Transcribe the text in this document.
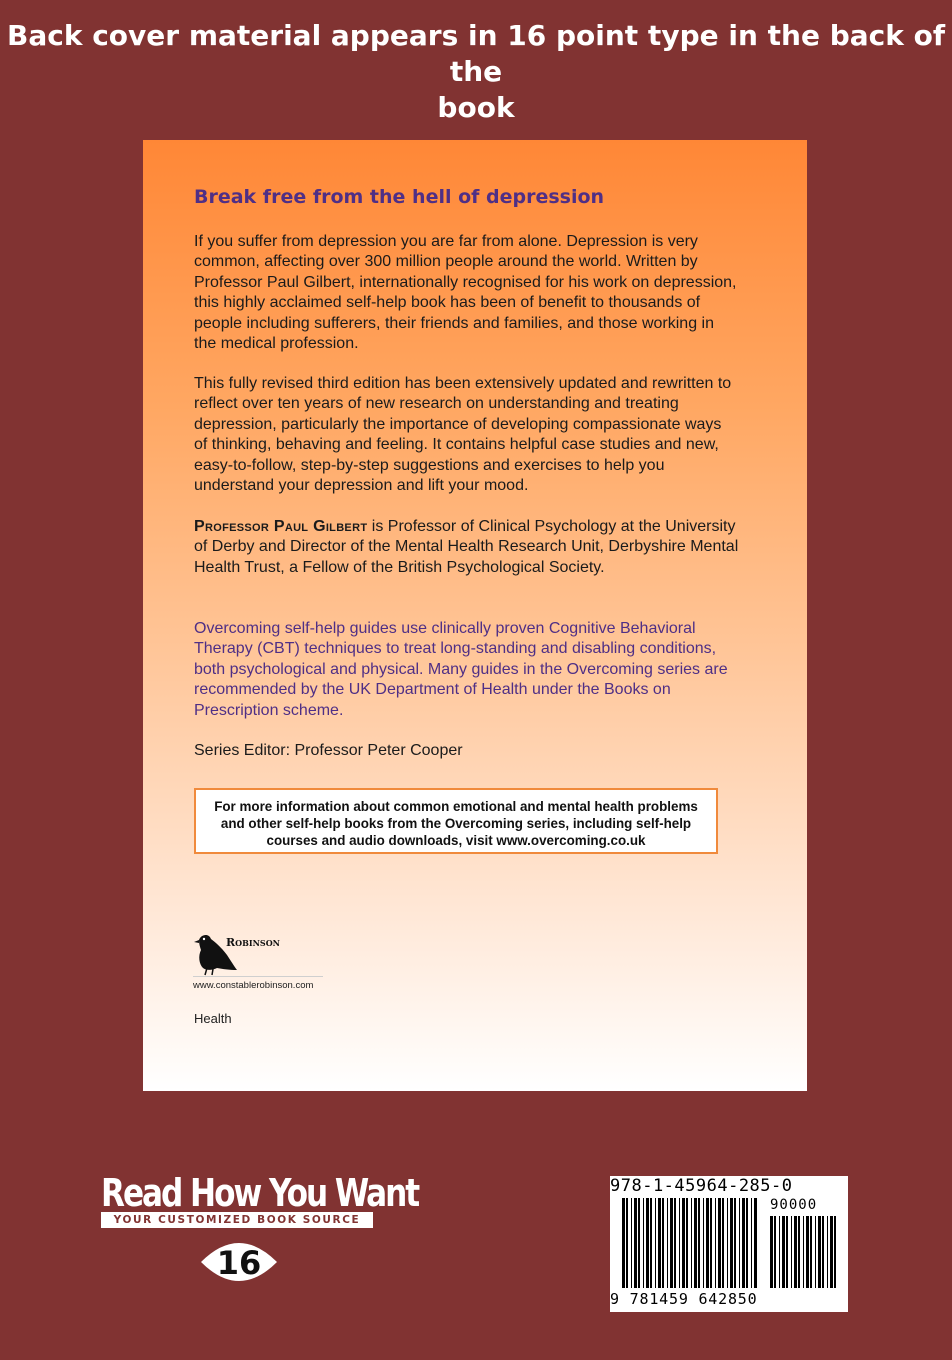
Back cover material appears in 16 point type in the back of the
book
Break free from the hell of depression

If you suffer from depression you are far from alone. Depression is very common, affecting over 300 million people around the world. Written by Professor Paul Gilbert, internationally recognised for his work on depression, this highly acclaimed self-help book has been of benefit to thousands of people including sufferers, their friends and families, and those working in the medical profession.

This fully revised third edition has been extensively updated and rewritten to reflect over ten years of new research on understanding and treating depression, particularly the importance of developing compassionate ways of thinking, behaving and feeling. It contains helpful case studies and new, easy-to-follow, step-by-step suggestions and exercises to help you understand your depression and lift your mood.

Professor Paul Gilbert is Professor of Clinical Psychology at the University of Derby and Director of the Mental Health Research Unit, Derbyshire Mental Health Trust, a Fellow of the British Psychological Society.

Overcoming self-help guides use clinically proven Cognitive Behavioral Therapy (CBT) techniques to treat long-standing and disabling conditions, both psychological and physical. Many guides in the Overcoming series are recommended by the UK Department of Health under the Books on Prescription scheme.

Series Editor: Professor Peter Cooper

For more information about common emotional and mental health problems and other self-help books from the Overcoming series, including self-help courses and audio downloads, visit www.overcoming.co.uk
Robinson
www.constablerobinson.com
Health
Read How You Want
YOUR CUSTOMIZED BOOK SOURCE
16
978-1-45964-285-0
90000
9 781459 642850
